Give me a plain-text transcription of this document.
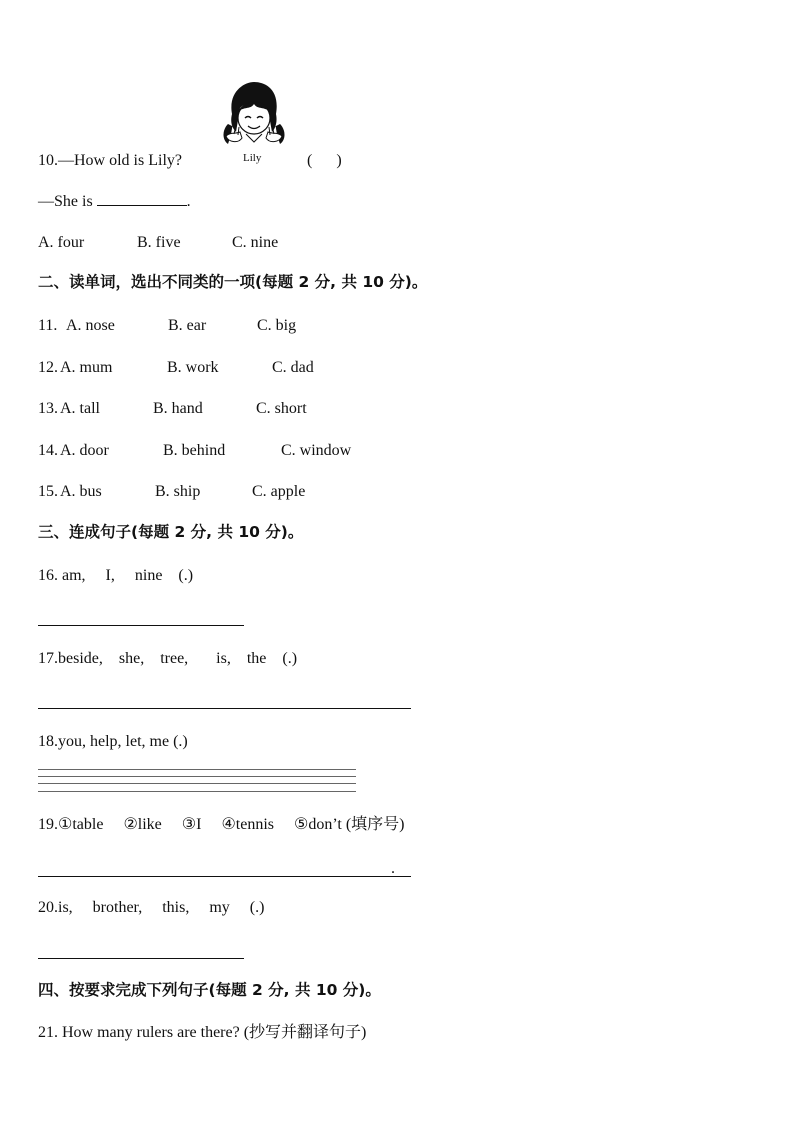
Lily
10.—How old is Lily?	(      )
—She is	.
A. four	B. five	C. nine
二、读单词，选出不同类的一项(每题 2 分, 共 10 分)。
11. A. nose	B. ear	C. big
12. A. mum	B. work	C. dad
13. A. tall	B. hand	C. short
14. A. door	B. behind	C. window
15. A. bus	B. ship	C. apple
三、连成句子(每题 2 分, 共 10 分)。
16. am,     I,     nine    (.)
17.beside,    she,    tree,       is,    the    (.)
18.you, help, let, me (.)
19.①table     ②like     ③I     ④tennis     ⑤don’t (填序号)
.
20.is,     brother,     this,     my     (.)
四、按要求完成下列句子(每题 2 分, 共 10 分)。
21. How many rulers are there? (抄写并翻译句子)
